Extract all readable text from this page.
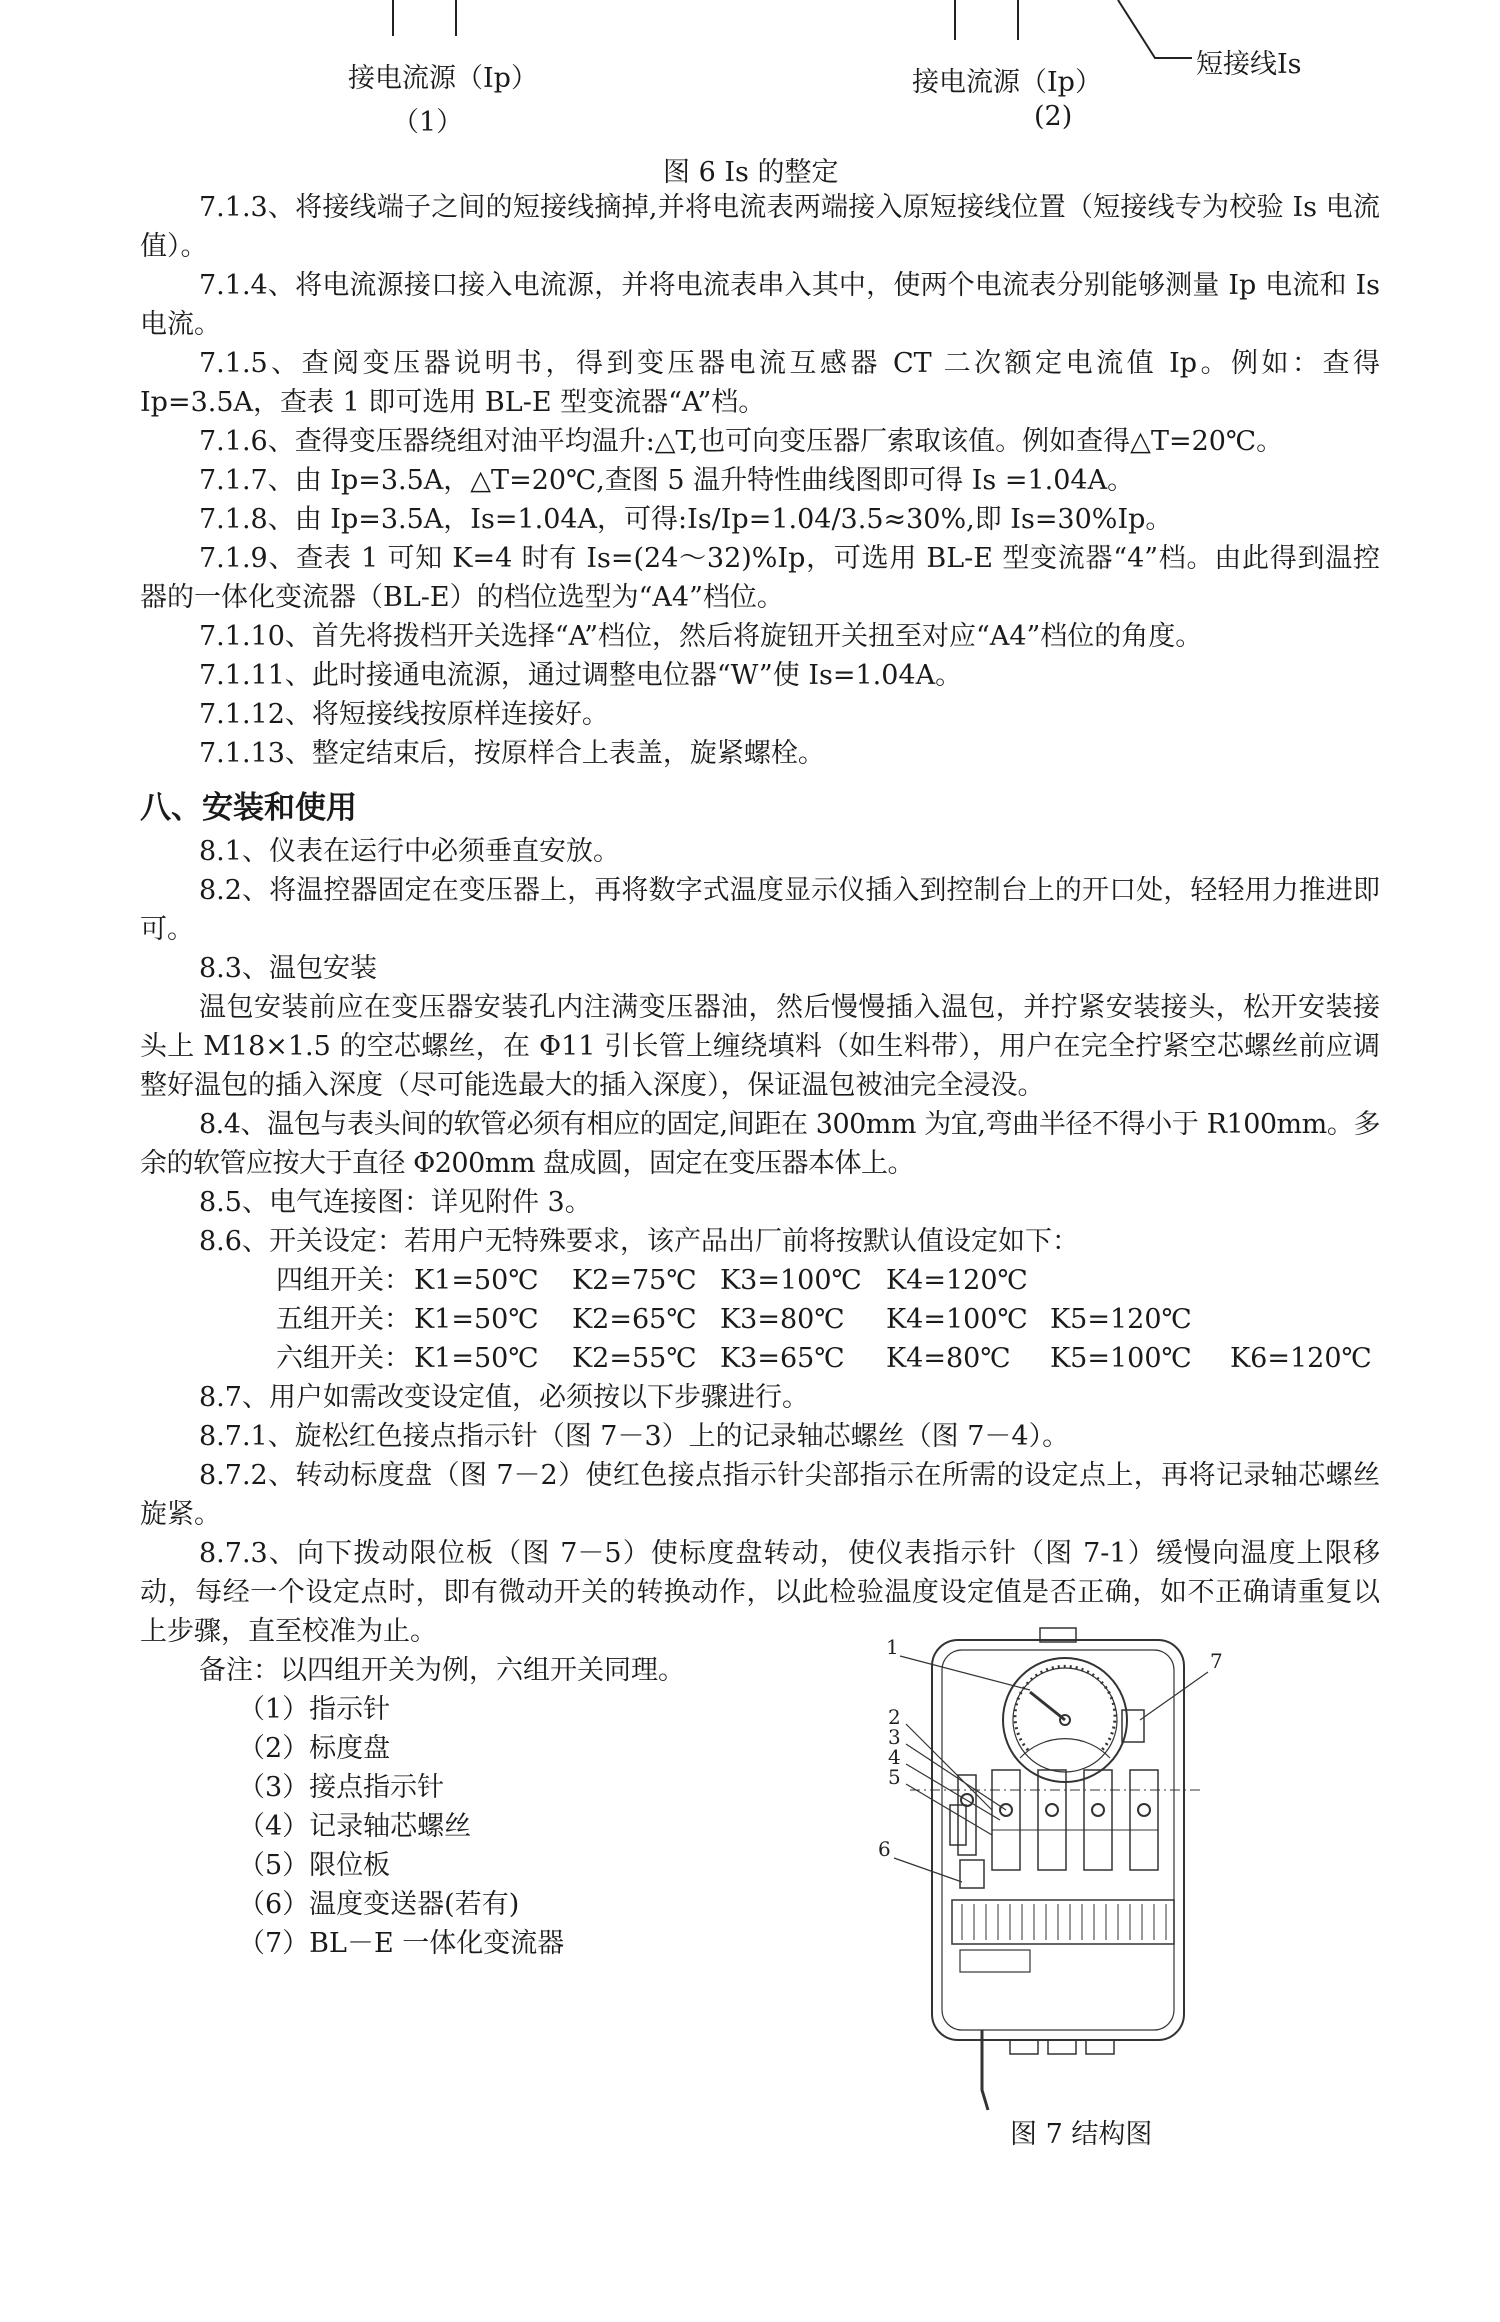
接电流源（Ip）
（1）
接电流源（Ip）
(2)
短接线Is
图 6 Is 的整定
7.1.3、将接线端子之间的短接线摘掉,并将电流表两端接入原短接线位置（短接线专为校验 Is 电流值）。
7.1.4、将电流源接口接入电流源，并将电流表串入其中，使两个电流表分别能够测量 Ip 电流和 Is 电流。
7.1.5、查阅变压器说明书，得到变压器电流互感器 CT 二次额定电流值 Ip。例如：查得 Ip=3.5A，查表 1 即可选用 BL-E 型变流器“A”档。
7.1.6、查得变压器绕组对油平均温升:△T,也可向变压器厂索取该值。例如查得△T=20℃。
7.1.7、由 Ip=3.5A，△T=20℃,查图 5 温升特性曲线图即可得 Is =1.04A。
7.1.8、由 Ip=3.5A，Is=1.04A，可得:Is/Ip=1.04/3.5≈30%,即 Is=30%Ip。
7.1.9、查表 1 可知 K=4 时有 Is=(24～32)%Ip，可选用 BL-E 型变流器“4”档。由此得到温控器的一体化变流器（BL-E）的档位选型为“A4”档位。
7.1.10、首先将拨档开关选择“A”档位，然后将旋钮开关扭至对应“A4”档位的角度。
7.1.11、此时接通电流源，通过调整电位器“W”使 Is=1.04A。
7.1.12、将短接线按原样连接好。
7.1.13、整定结束后，按原样合上表盖，旋紧螺栓。
八、安装和使用
8.1、仪表在运行中必须垂直安放。
8.2、将温控器固定在变压器上，再将数字式温度显示仪插入到控制台上的开口处，轻轻用力推进即可。
8.3、温包安装
温包安装前应在变压器安装孔内注满变压器油，然后慢慢插入温包，并拧紧安装接头，松开安装接头上 M18×1.5 的空芯螺丝，在 Φ11 引长管上缠绕填料（如生料带），用户在完全拧紧空芯螺丝前应调整好温包的插入深度（尽可能选最大的插入深度），保证温包被油完全浸没。
8.4、温包与表头间的软管必须有相应的固定,间距在 300mm 为宜,弯曲半径不得小于 R100mm。多余的软管应按大于直径 Φ200mm 盘成圆，固定在变压器本体上。
8.5、电气连接图：详见附件 3。
8.6、开关设定：若用户无特殊要求，该产品出厂前将按默认值设定如下：
四组开关： K1=50℃ K2=75℃ K3=100℃ K4=120℃
五组开关： K1=50℃ K2=65℃ K3=80℃ K4=100℃ K5=120℃
六组开关： K1=50℃ K2=55℃ K3=65℃ K4=80℃ K5=100℃ K6=120℃
8.7、用户如需改变设定值，必须按以下步骤进行。
8.7.1、旋松红色接点指示针（图 7－3）上的记录轴芯螺丝（图 7－4）。
8.7.2、转动标度盘（图 7－2）使红色接点指示针尖部指示在所需的设定点上，再将记录轴芯螺丝旋紧。
8.7.3、向下拨动限位板（图 7－5）使标度盘转动，使仪表指示针（图 7-1）缓慢向温度上限移动，每经一个设定点时，即有微动开关的转换动作，以此检验温度设定值是否正确，如不正确请重复以上步骤，直至校准为止。
备注：以四组开关为例，六组开关同理。
（1）指示针
（2）标度盘
（3）接点指示针
（4）记录轴芯螺丝
（5）限位板
（6）温度变送器(若有)
（7）BL－E 一体化变流器
1
2
3
4
5
6
7
图 7 结构图
